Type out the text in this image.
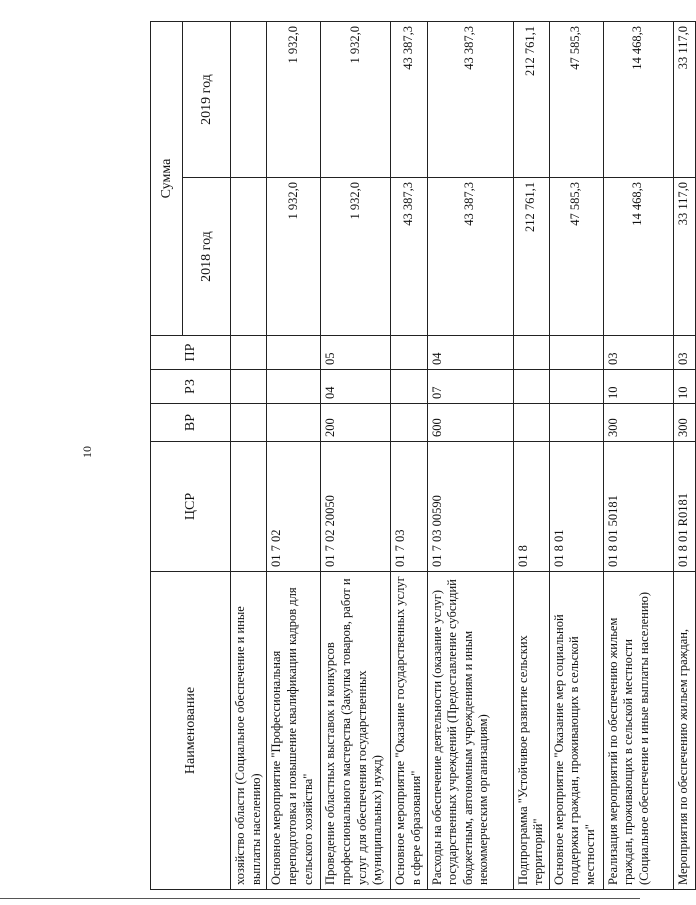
10
Наименование	ЦСР	ВР	РЗ	ПР	Сумма	
					2018 год	2019 год
хозяйство области (Социальное обеспечение и иные выплаты населению)						
Основное мероприятие "Профессиональная переподготовка и повышение квалификации кадров для сельского хозяйства"	01 7 02				1 932,0	1 932,0
Проведение областных выставок и конкурсов профессионального мастерства (Закупка товаров, работ и услуг для обеспечения государственных (муниципальных) нужд)	01 7 02 20050	200	04	05	1 932,0	1 932,0
Основное мероприятие "Оказание государственных услуг в сфере образования"	01 7 03				43 387,3	43 387,3
Расходы на обеспечение деятельности (оказание услуг) государственных учреждений (Предоставление субсидий бюджетным, автономным учреждениям и иным некоммерческим организациям)	01 7 03 00590	600	07	04	43 387,3	43 387,3
Подпрограмма "Устойчивое развитие сельских территорий"	01 8				212 761,1	212 761,1
Основное мероприятие "Оказание мер социальной поддержки граждан, проживающих в сельской местности"	01 8 01				47 585,3	47 585,3
Реализация мероприятий по обеспечению жильем граждан, проживающих в сельской местности (Социальное обеспечение и иные выплаты населению)	01 8 01 50181	300	10	03	14 468,3	14 468,3
Мероприятия по обеспечению жильем граждан,	01 8 01 R0181	300	10	03	33 117,0	33 117,0
